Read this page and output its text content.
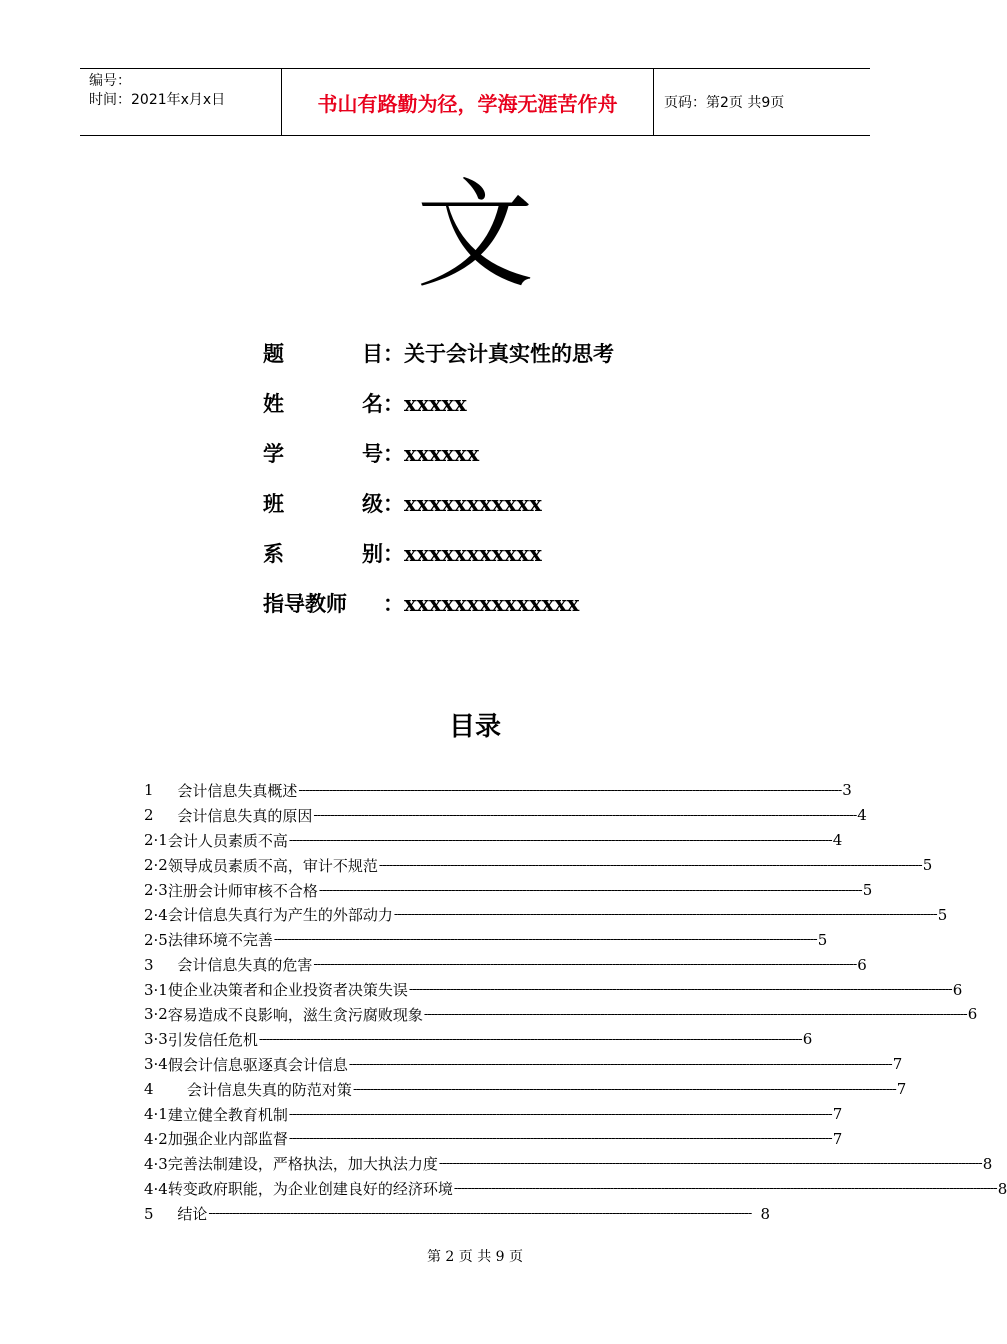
编号：
时间：2021年x月x日	书山有路勤为径，学海无涯苦作舟	页码：第2页 共9页
文
题	目 ： 关于会计真实性的思考
姓	名 ： xxxxx
学	号 ： xxxxxx
班	级 ： xxxxxxxxxxx
系	别 ： xxxxxxxxxxx
指导教师 ： xxxxxxxxxxxxxx
目录
1 会计信息失真概述 ---------------------------------------------------------------------------------------------------------------------------------------------------------------- 3
2 会计信息失真的原因 ---------------------------------------------------------------------------------------------------------------------------------------------------------------- 4
2·1 会计人员素质不高 ---------------------------------------------------------------------------------------------------------------------------------------------------------------- 4
2·2 领导成员素质不高，审计不规范 ---------------------------------------------------------------------------------------------------------------------------------------------------------------- 5
2·3 注册会计师审核不合格 ---------------------------------------------------------------------------------------------------------------------------------------------------------------- 5
2·4 会计信息失真行为产生的外部动力 ---------------------------------------------------------------------------------------------------------------------------------------------------------------- 5
2·5 法律环境不完善 ---------------------------------------------------------------------------------------------------------------------------------------------------------------- 5
3 会计信息失真的危害 ---------------------------------------------------------------------------------------------------------------------------------------------------------------- 6
3·1 使企业决策者和企业投资者决策失误 ---------------------------------------------------------------------------------------------------------------------------------------------------------------- 6
3·2 容易造成不良影响，滋生贪污腐败现象 ---------------------------------------------------------------------------------------------------------------------------------------------------------------- 6
3·3 引发信任危机 ---------------------------------------------------------------------------------------------------------------------------------------------------------------- 6
3·4 假会计信息驱逐真会计信息 ---------------------------------------------------------------------------------------------------------------------------------------------------------------- 7
4 会计信息失真的防范对策 ---------------------------------------------------------------------------------------------------------------------------------------------------------------- 7
4·1 建立健全教育机制 ---------------------------------------------------------------------------------------------------------------------------------------------------------------- 7
4·2 加强企业内部监督 ---------------------------------------------------------------------------------------------------------------------------------------------------------------- 7
4·3 完善法制建设，严格执法，加大执法力度 ---------------------------------------------------------------------------------------------------------------------------------------------------------------- 8
4·4 转变政府职能，为企业创建良好的经济环境 ---------------------------------------------------------------------------------------------------------------------------------------------------------------- 8
5 结论 ---------------------------------------------------------------------------------------------------------------------------------------------------------------- 8
第 2 页 共 9 页
